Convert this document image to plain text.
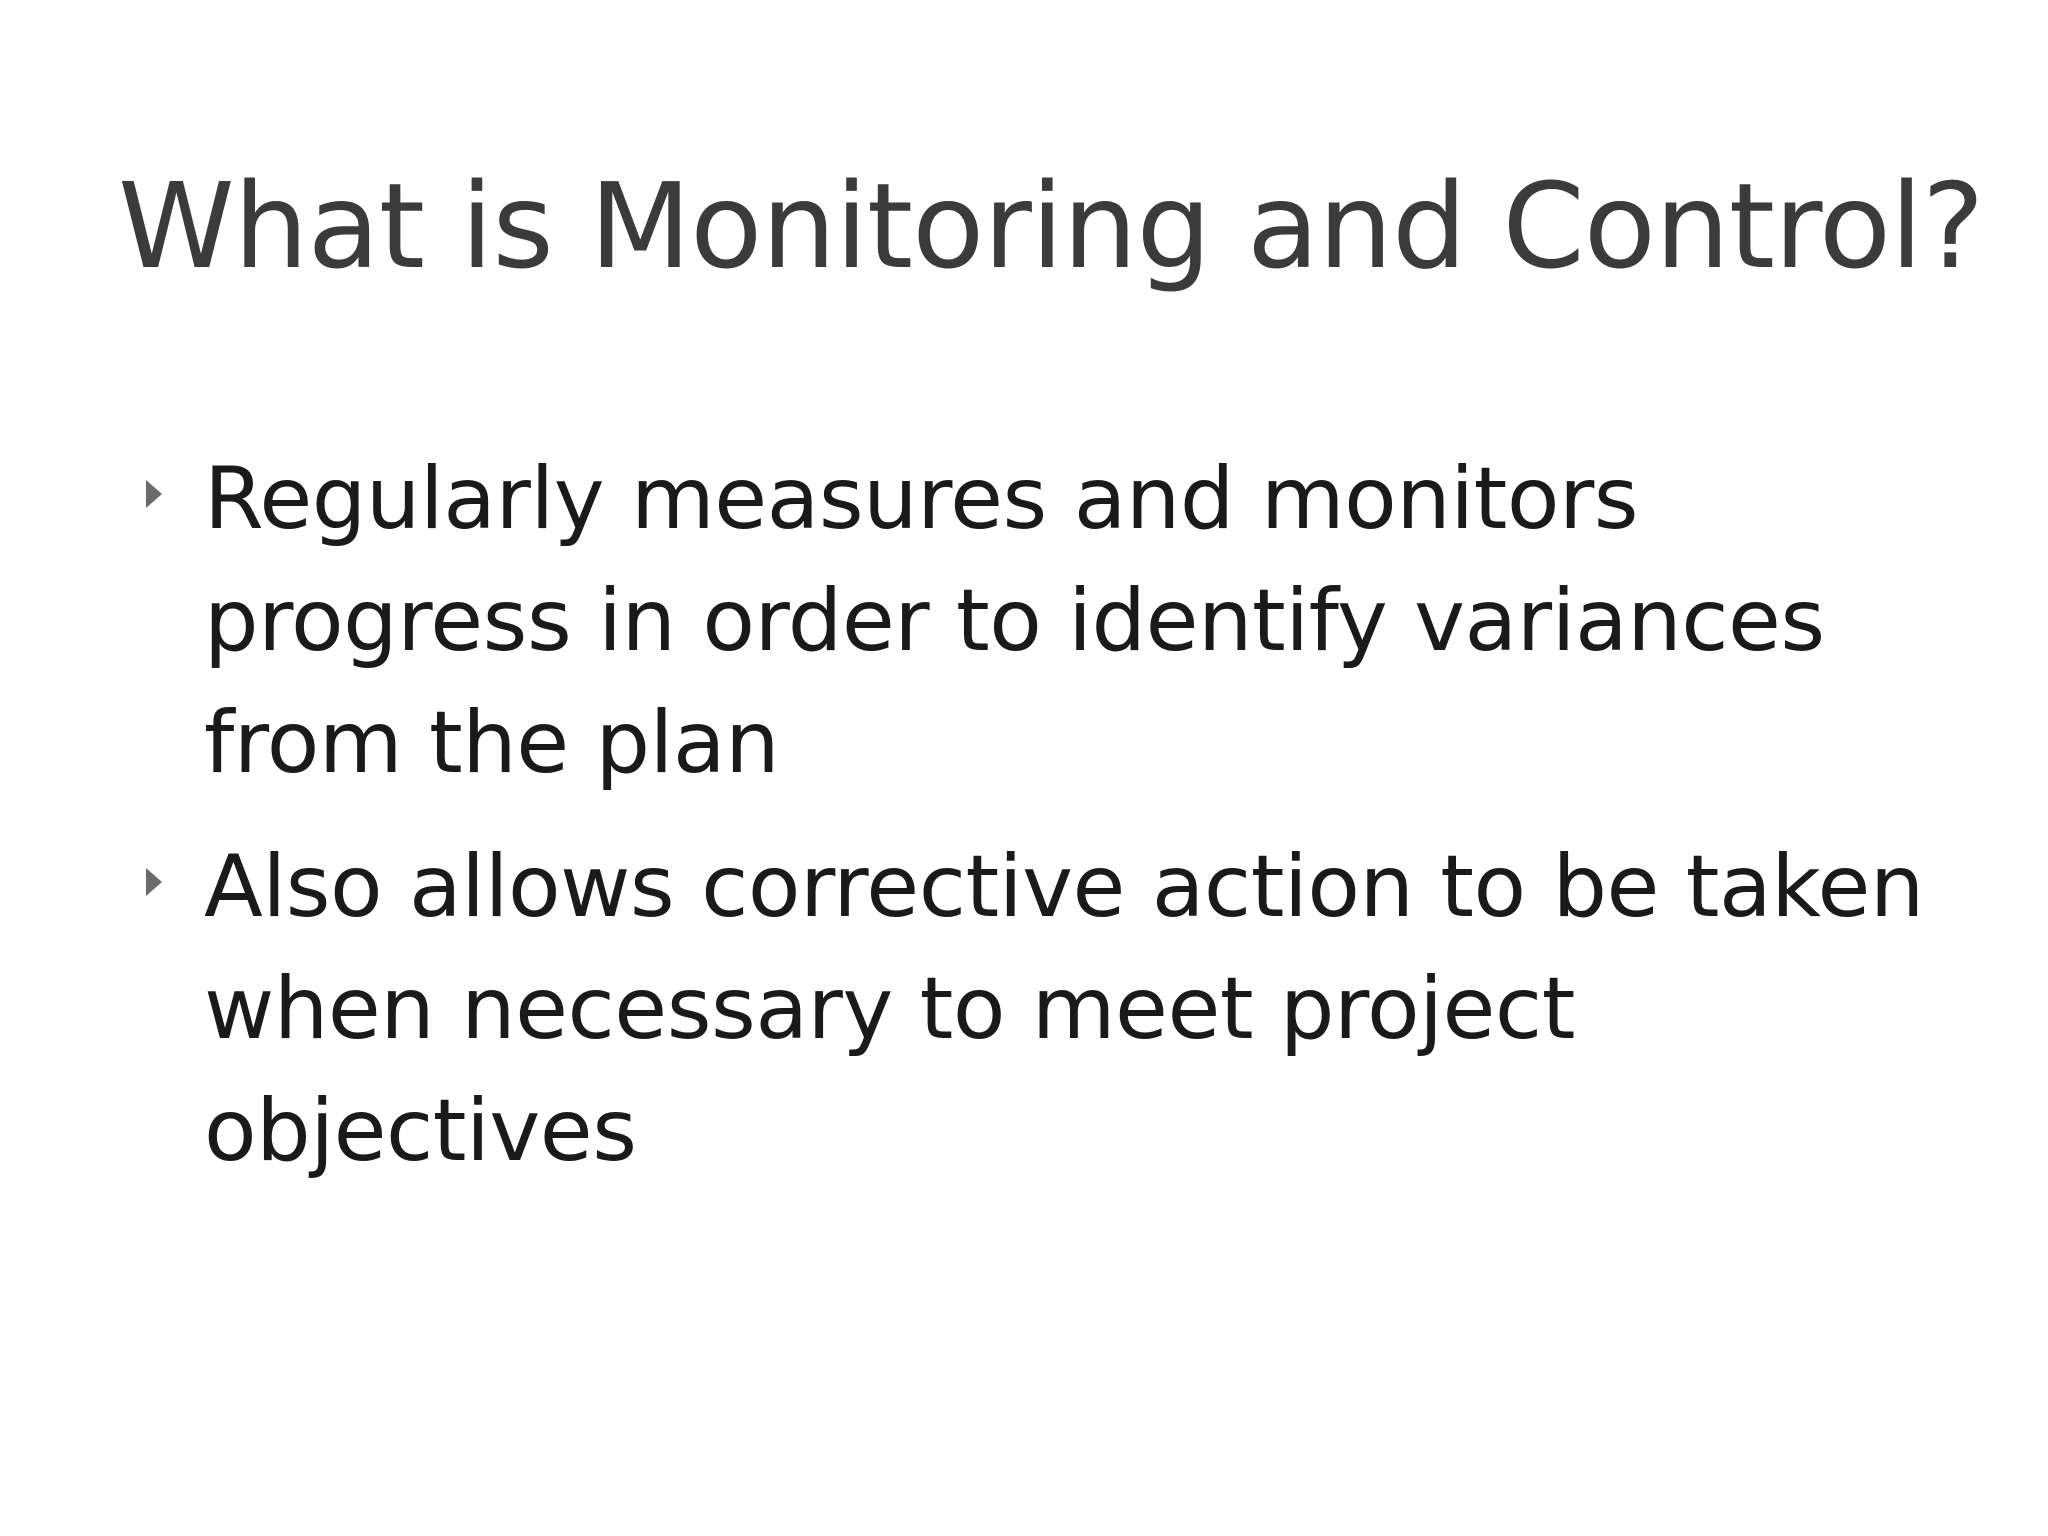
What is Monitoring and Control?
Regularly measures and monitors progress in order to identify variances from the plan
Also allows corrective action to be taken when necessary to meet project objectives
